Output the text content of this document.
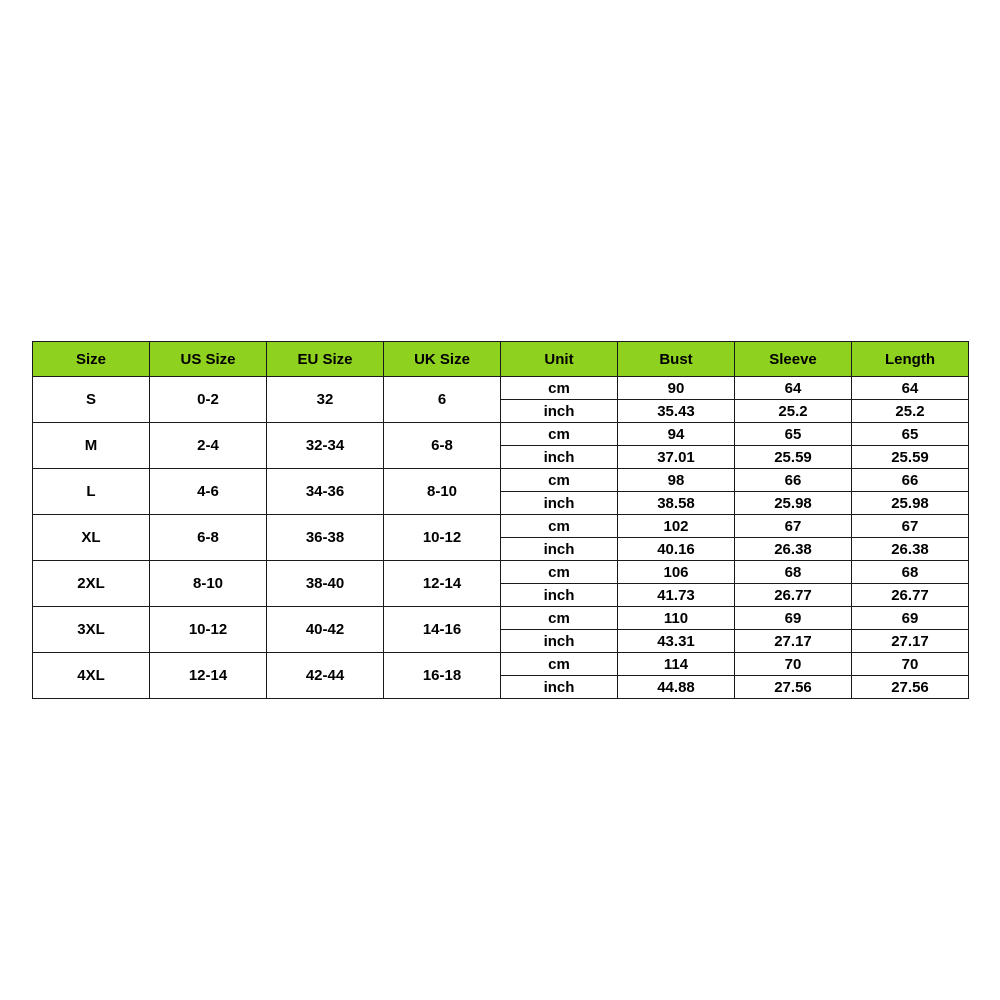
Size	US Size	EU Size	UK Size	Unit	Bust	Sleeve	Length
S	0-2	32	6	cm	90	64	64
				inch	35.43	25.2	25.2
M	2-4	32-34	6-8	cm	94	65	65
				inch	37.01	25.59	25.59
L	4-6	34-36	8-10	cm	98	66	66
				inch	38.58	25.98	25.98
XL	6-8	36-38	10-12	cm	102	67	67
				inch	40.16	26.38	26.38
2XL	8-10	38-40	12-14	cm	106	68	68
				inch	41.73	26.77	26.77
3XL	10-12	40-42	14-16	cm	110	69	69
				inch	43.31	27.17	27.17
4XL	12-14	42-44	16-18	cm	114	70	70
				inch	44.88	27.56	27.56
